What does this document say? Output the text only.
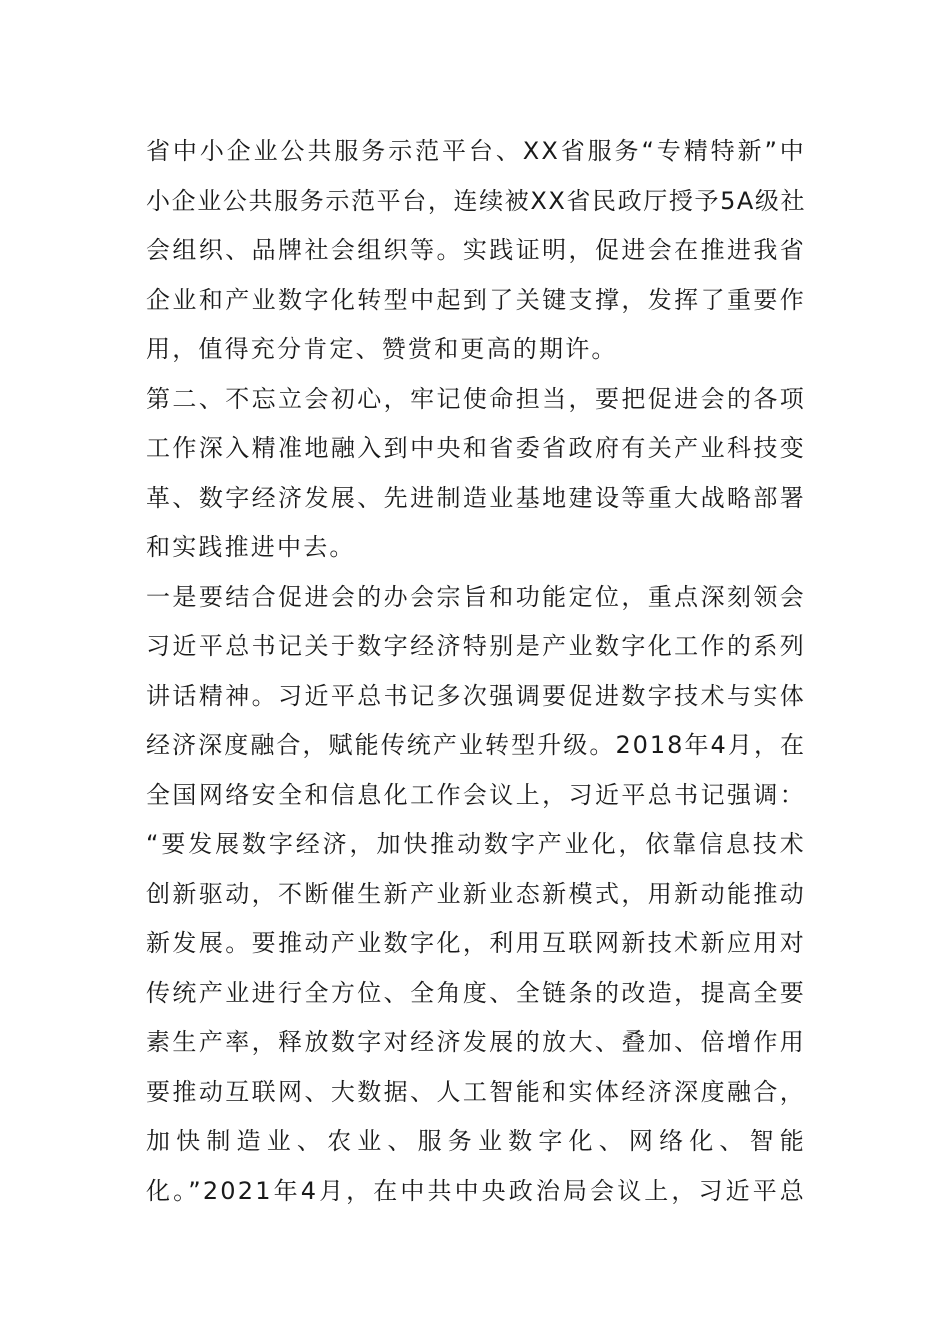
省中小企业公共服务示范平台、XX省服务“专精特新”中
小企业公共服务示范平台，连续被XX省民政厅授予5A级社
会组织、品牌社会组织等。实践证明，促进会在推进我省
企业和产业数字化转型中起到了关键支撑，发挥了重要作
用，值得充分肯定、赞赏和更高的期许。
第二、不忘立会初心，牢记使命担当，要把促进会的各项
工作深入精准地融入到中央和省委省政府有关产业科技变
革、数字经济发展、先进制造业基地建设等重大战略部署
和实践推进中去。
一是要结合促进会的办会宗旨和功能定位，重点深刻领会
习近平总书记关于数字经济特别是产业数字化工作的系列
讲话精神。习近平总书记多次强调要促进数字技术与实体
经济深度融合，赋能传统产业转型升级。2018年4月，在
全国网络安全和信息化工作会议上，习近平总书记强调：
“要发展数字经济，加快推动数字产业化，依靠信息技术
创新驱动，不断催生新产业新业态新模式，用新动能推动
新发展。要推动产业数字化，利用互联网新技术新应用对
传统产业进行全方位、全角度、全链条的改造，提高全要
素生产率，释放数字对经济发展的放大、叠加、倍增作用
要推动互联网、大数据、人工智能和实体经济深度融合，
加快制造业、农业、服务业数字化、网络化、智能
化。”2021年4月，在中共中央政治局会议上，习近平总
